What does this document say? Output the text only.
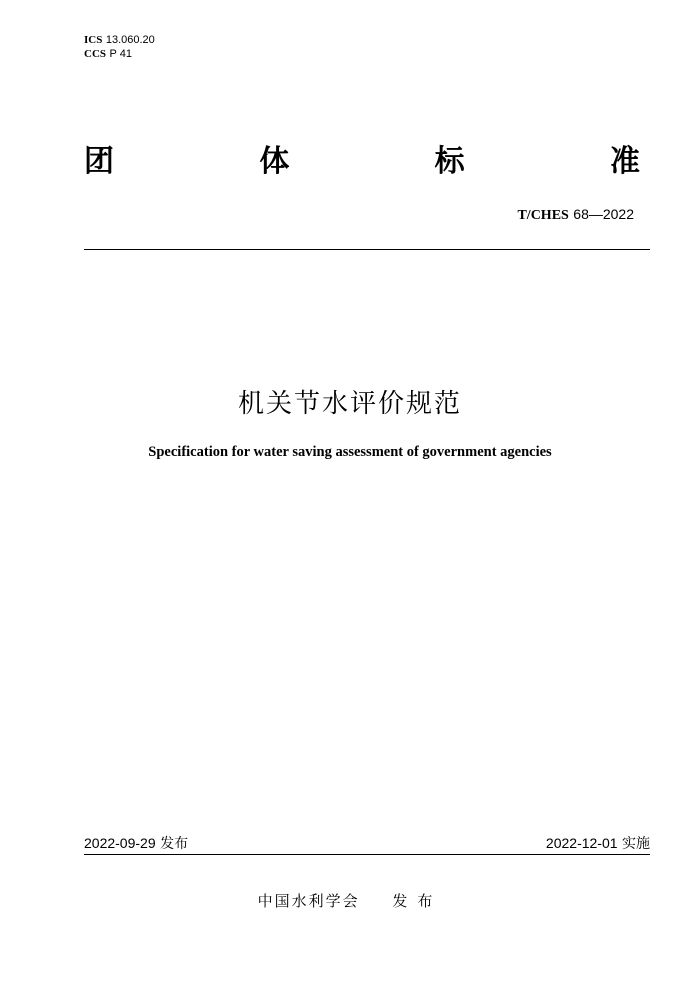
ICS 13.060.20
CCS P 41
团	体	标	准
T/CHES 68—2022
机关节水评价规范
Specification for water saving assessment of government agencies
2022-09-29 发布	2022-12-01 实施
中国水利学会 发布
